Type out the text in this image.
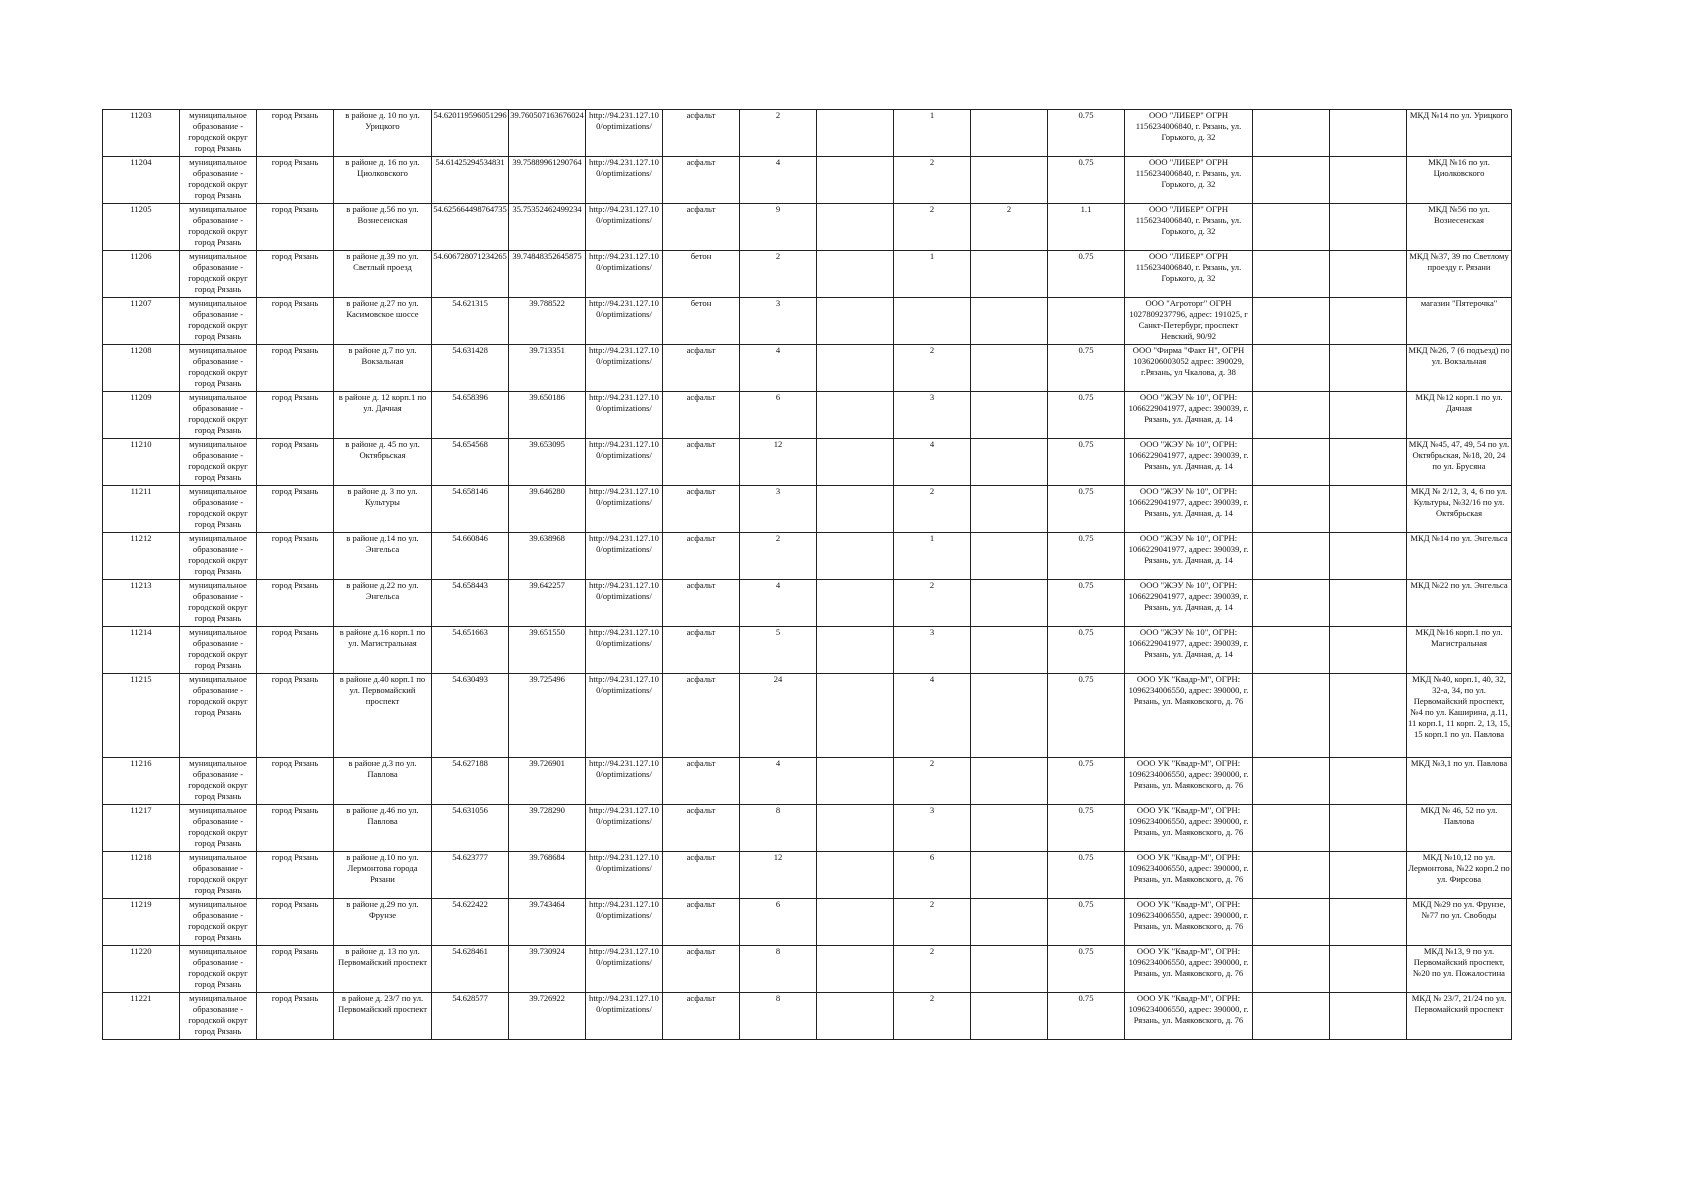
11203	муниципальное образование - городской округ город Рязань	город Рязань	в районе д. 10 по ул. Урицкого	54.620119596051296	39.760507163676024	http://94.231.127.100/optimizations/	асфальт	2		1		0.75	ООО "ЛИБЕР" ОГРН 1156234006840, г. Рязань, ул. Горького, д. 32			МКД №14 по ул. Урицкого
11204	муниципальное образование - городской округ город Рязань	город Рязань	в районе д. 16 по ул. Циолковского	54.61425294534831	39.75889961290764	http://94.231.127.100/optimizations/	асфальт	4		2		0.75	ООО "ЛИБЕР" ОГРН 1156234006840, г. Рязань, ул. Горького, д. 32			МКД №16 по ул. Циолковского
11205	муниципальное образование - городской округ город Рязань	город Рязань	в районе д.56 по ул. Вознесенская	54.625664498764735	35.75352462499234	http://94.231.127.100/optimizations/	асфальт	9		2	2	1.1	ООО "ЛИБЕР" ОГРН 1156234006840, г. Рязань, ул. Горького, д. 32			МКД №56 по ул. Вознесенская
11206	муниципальное образование - городской округ город Рязань	город Рязань	в районе д.39 по ул. Светлый проезд	54.606728071234265	39.74848352645875	http://94.231.127.100/optimizations/	бетон	2		1		0.75	ООО "ЛИБЕР" ОГРН 1156234006840, г. Рязань, ул. Горького, д. 32			МКД №37, 39 по Светлому проезду г. Рязани
11207	муниципальное образование - городской округ город Рязань	город Рязань	в районе д.27 по ул. Касимовское шоссе	54.621315	39.788522	http://94.231.127.100/optimizations/	бетон	3					ООО "Агроторг" ОГРН 1027809237796, адрес: 191025, г Санкт-Петербург, проспект Невский, 90/92			магазин "Пятерочка"
11208	муниципальное образование - городской округ город Рязань	город Рязань	в районе д.7 по ул. Вокзальная	54.631428	39.713351	http://94.231.127.100/optimizations/	асфальт	4		2		0.75	ООО "Фирма "Факт Н", ОГРН 1036206003052 адрес: 390029, г.Рязань, ул Чкалова, д. 38			МКД №26, 7 (6 подъезд) по ул. Вокзальная
11209	муниципальное образование - городской округ город Рязань	город Рязань	в районе д. 12 корп.1 по ул. Дачная	54.658396	39.650186	http://94.231.127.100/optimizations/	асфальт	6		3		0.75	ООО "ЖЭУ № 10", ОГРН: 1066229041977, адрес: 390039, г. Рязань, ул. Дачная, д. 14			МКД №12 корп.1 по ул. Дачная
11210	муниципальное образование - городской округ город Рязань	город Рязань	в районе д. 45 по ул. Октябрьская	54.654568	39.653095	http://94.231.127.100/optimizations/	асфальт	12		4		0.75	ООО "ЖЭУ № 10", ОГРН: 1066229041977, адрес: 390039, г. Рязань, ул. Дачная, д. 14			МКД №45, 47, 49, 54 по ул. Октябрьская, №18, 20, 24 по ул. Брусяна
11211	муниципальное образование - городской округ город Рязань	город Рязань	в районе д. 3 по ул. Культуры	54.658146	39.646280	http://94.231.127.100/optimizations/	асфальт	3		2		0.75	ООО "ЖЭУ № 10", ОГРН: 1066229041977, адрес: 390039, г. Рязань, ул. Дачная, д. 14			МКД № 2/12, 3, 4, 6 по ул. Культуры, №32/16 по ул. Октябрьская
11212	муниципальное образование - городской округ город Рязань	город Рязань	в районе д.14 по ул. Энгельса	54.660846	39.638968	http://94.231.127.100/optimizations/	асфальт	2		1		0.75	ООО "ЖЭУ № 10", ОГРН: 1066229041977, адрес: 390039, г. Рязань, ул. Дачная, д. 14			МКД №14 по ул. Энгельса
11213	муниципальное образование - городской округ город Рязань	город Рязань	в районе д.22 по ул. Энгельса	54.658443	39.642257	http://94.231.127.100/optimizations/	асфальт	4		2		0.75	ООО "ЖЭУ № 10", ОГРН: 1066229041977, адрес: 390039, г. Рязань, ул. Дачная, д. 14			МКД №22 по ул. Энгельса
11214	муниципальное образование - городской округ город Рязань	город Рязань	в районе д.16 корп.1 по ул. Магистральная	54.651663	39.651550	http://94.231.127.100/optimizations/	асфальт	5		3		0.75	ООО "ЖЭУ № 10", ОГРН: 1066229041977, адрес: 390039, г. Рязань, ул. Дачная, д. 14			МКД №16 корп.1 по ул. Магистральная
11215	муниципальное образование - городской округ город Рязань	город Рязань	в районе д.40 корп.1 по ул. Первомайский проспект	54.630493	39.725496	http://94.231.127.100/optimizations/	асфальт	24		4		0.75	ООО УК "Квадр-М", ОГРН: 1096234006550, адрес: 390000, г. Рязань, ул. Маяковского, д. 76			МКД №40, корп.1, 40, 32, 32-а, 34, по ул. Первомайский проспект, №4 по ул. Каширина, д.11, 11 корп.1, 11 корп. 2, 13, 15, 15 корп.1 по ул. Павлова
11216	муниципальное образование - городской округ город Рязань	город Рязань	в районе д.3 по ул. Павлова	54.627188	39.726901	http://94.231.127.100/optimizations/	асфальт	4		2		0.75	ООО УК "Квадр-М", ОГРН: 1096234006550, адрес: 390000, г. Рязань, ул. Маяковского, д. 76			МКД №3,1 по ул. Павлова
11217	муниципальное образование - городской округ город Рязань	город Рязань	в районе д.46 по ул. Павлова	54.631056	39.728290	http://94.231.127.100/optimizations/	асфальт	8		3		0.75	ООО УК "Квадр-М", ОГРН: 1096234006550, адрес: 390000, г. Рязань, ул. Маяковского, д. 76			МКД № 46, 52 по ул. Павлова
11218	муниципальное образование - городской округ город Рязань	город Рязань	в районе д.10 по ул. Лермонтова города Рязани	54.623777	39.768684	http://94.231.127.100/optimizations/	асфальт	12		6		0.75	ООО УК "Квадр-М", ОГРН: 1096234006550, адрес: 390000, г. Рязань, ул. Маяковского, д. 76			МКД №10,12 по ул. Лермонтова, №22 корп.2 по ул. Фирсова
11219	муниципальное образование - городской округ город Рязань	город Рязань	в районе д.29 по ул. Фрунзе	54.622422	39.743464	http://94.231.127.100/optimizations/	асфальт	6		2		0.75	ООО УК "Квадр-М", ОГРН: 1096234006550, адрес: 390000, г. Рязань, ул. Маяковского, д. 76			МКД №29 по ул. Фрунзе, №77 по ул. Свободы
11220	муниципальное образование - городской округ город Рязань	город Рязань	в районе д. 13 по ул. Первомайский проспект	54.628461	39.730924	http://94.231.127.100/optimizations/	асфальт	8		2		0.75	ООО УК "Квадр-М", ОГРН: 1096234006550, адрес: 390000, г. Рязань, ул. Маяковского, д. 76			МКД №13, 9 по ул. Первомайский проспект, №20 по ул. Пожалостина
11221	муниципальное образование - городской округ город Рязань	город Рязань	в районе д. 23/7 по ул. Первомайский проспект	54.628577	39.726922	http://94.231.127.100/optimizations/	асфальт	8		2		0.75	ООО УК "Квадр-М", ОГРН: 1096234006550, адрес: 390000, г. Рязань, ул. Маяковского, д. 76			МКД № 23/7, 21/24 по ул. Первомайский проспект
